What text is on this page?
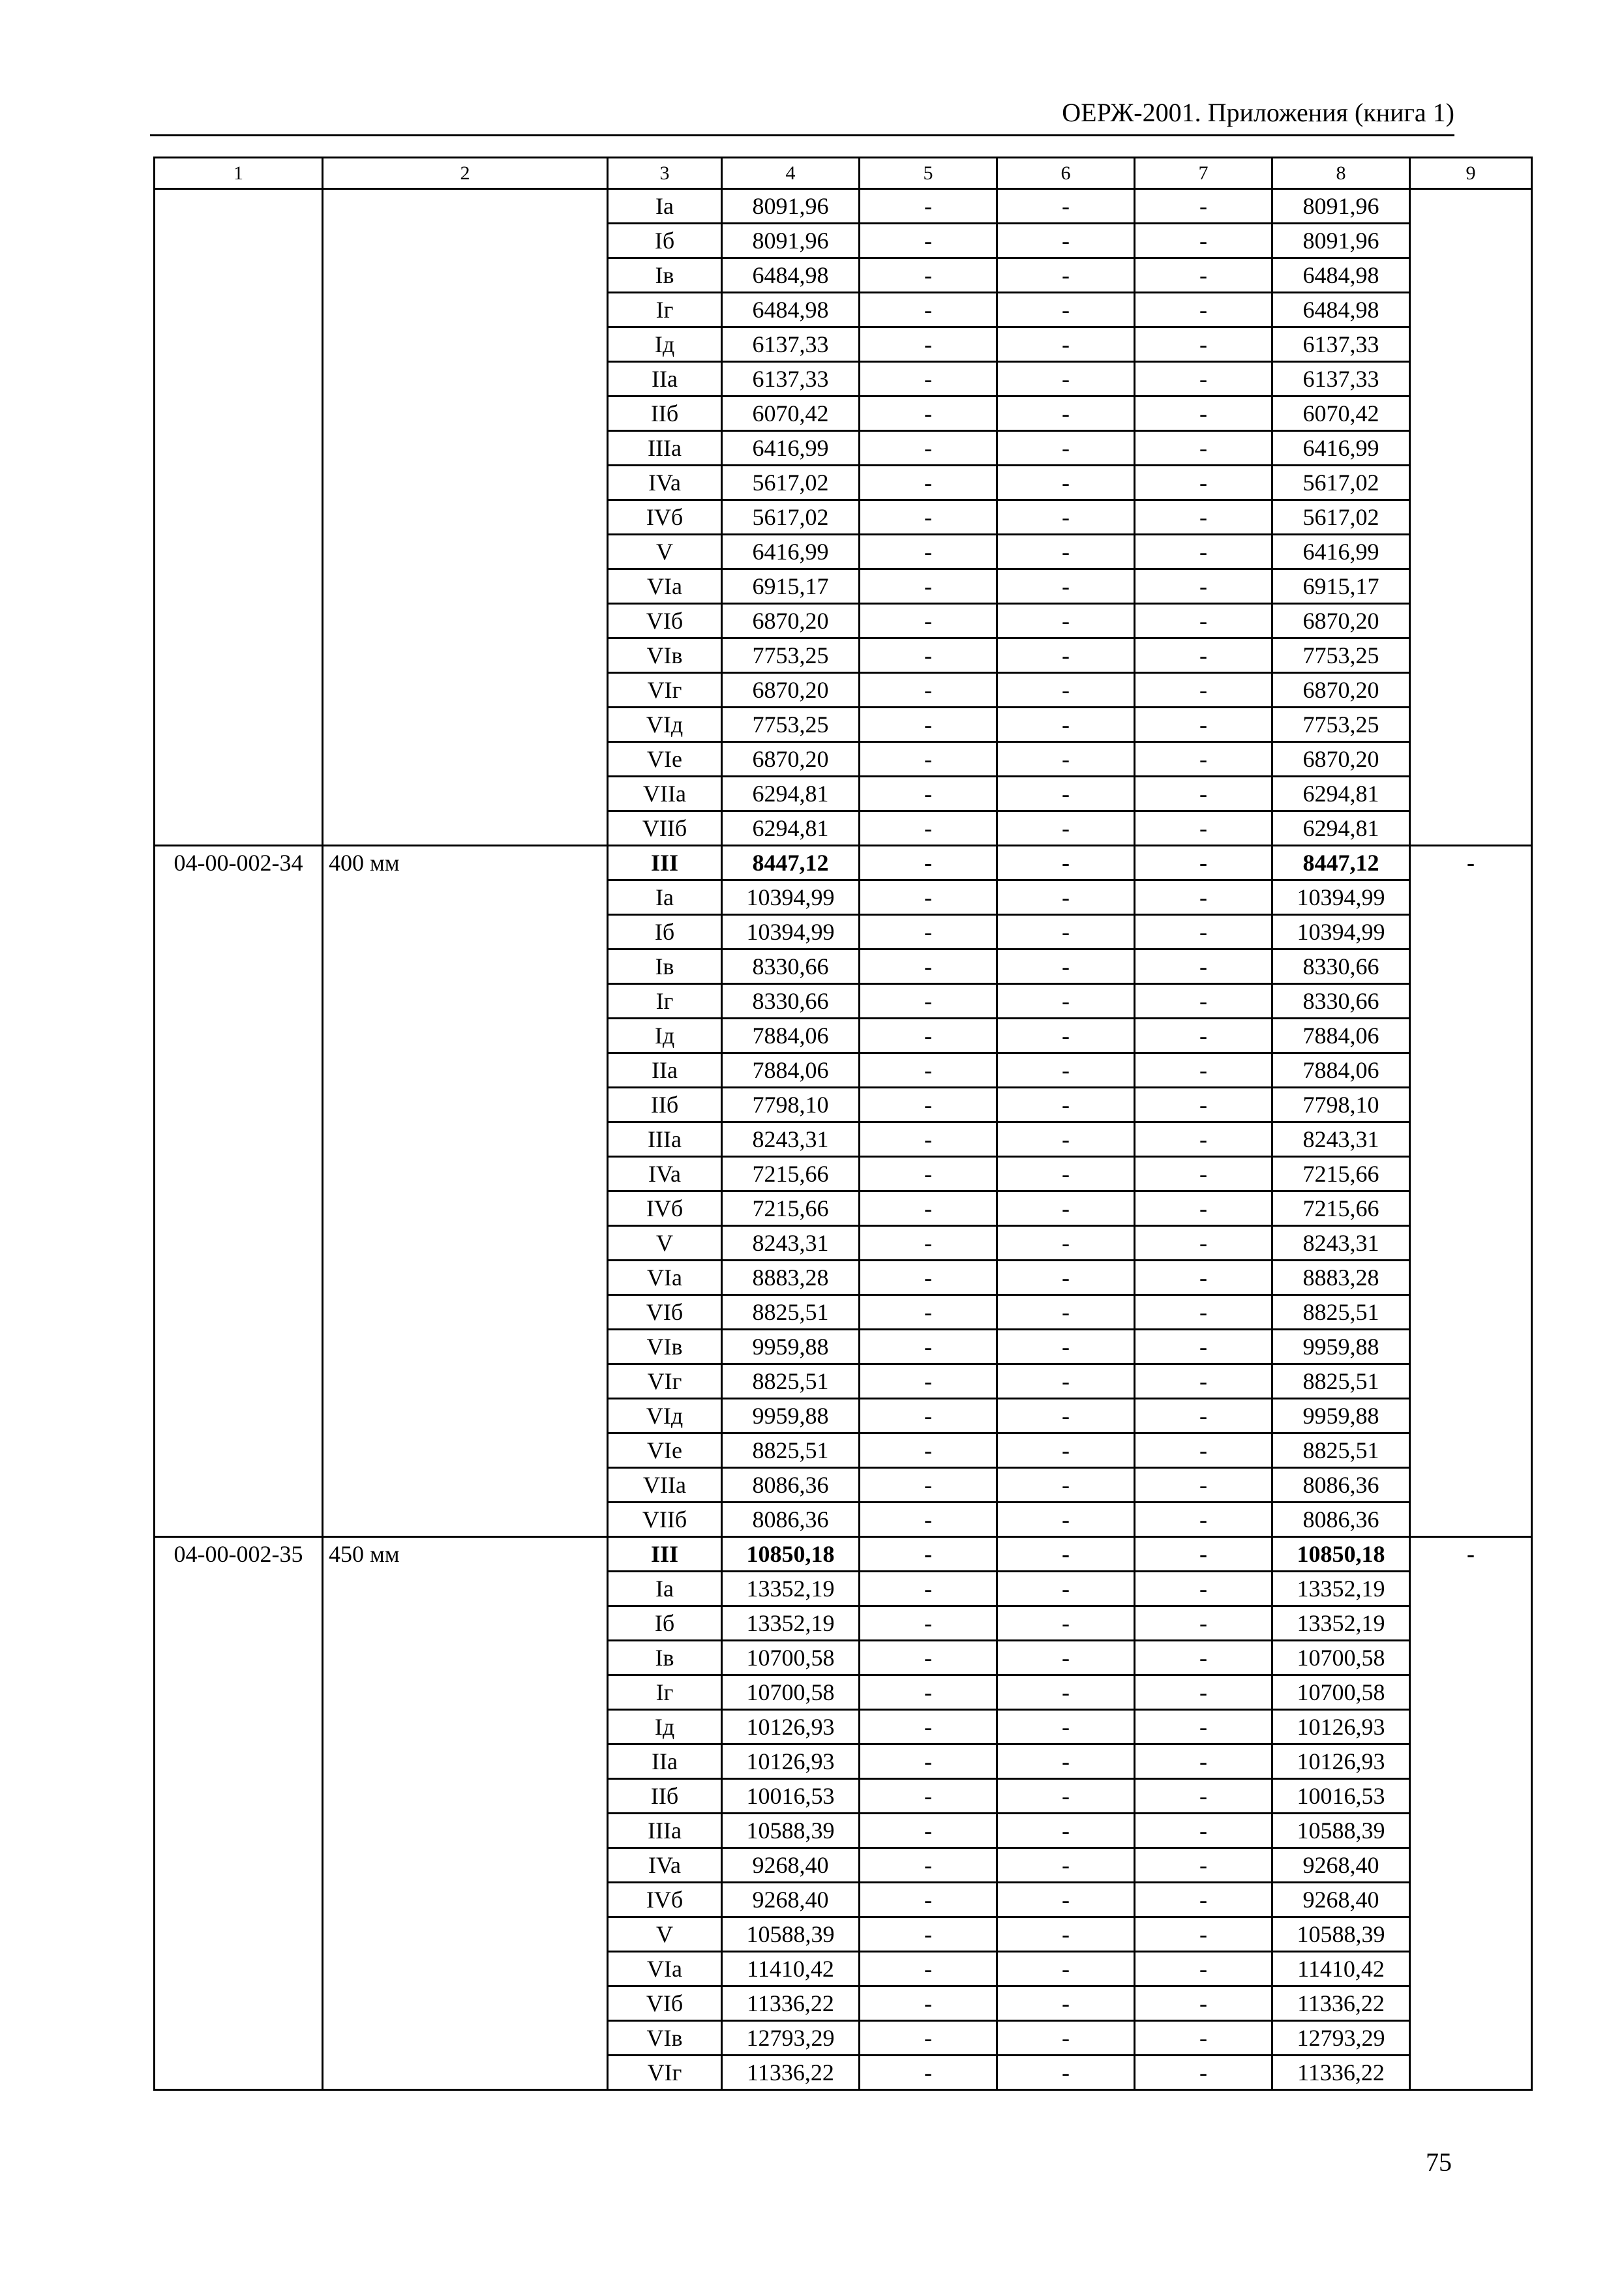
ОЕРЖ-2001. Приложения (книга 1)
1	2	3	4	5	6	7	8	9
		Ia	8091,96	-	-	-	8091,96	
		Iб	8091,96	-	-	-	8091,96	
		Iв	6484,98	-	-	-	6484,98	
		Iг	6484,98	-	-	-	6484,98	
		Iд	6137,33	-	-	-	6137,33	
		IIa	6137,33	-	-	-	6137,33	
		IIб	6070,42	-	-	-	6070,42	
		IIIa	6416,99	-	-	-	6416,99	
		IVa	5617,02	-	-	-	5617,02	
		IVб	5617,02	-	-	-	5617,02	
		V	6416,99	-	-	-	6416,99	
		VIa	6915,17	-	-	-	6915,17	
		VIб	6870,20	-	-	-	6870,20	
		VIв	7753,25	-	-	-	7753,25	
		VIг	6870,20	-	-	-	6870,20	
		VIд	7753,25	-	-	-	7753,25	
		VIe	6870,20	-	-	-	6870,20	
		VIIa	6294,81	-	-	-	6294,81	
		VIIб	6294,81	-	-	-	6294,81	
04-00-002-34	400 мм	III	8447,12	-	-	-	8447,12	-
		Ia	10394,99	-	-	-	10394,99	
		Iб	10394,99	-	-	-	10394,99	
		Iв	8330,66	-	-	-	8330,66	
		Iг	8330,66	-	-	-	8330,66	
		Iд	7884,06	-	-	-	7884,06	
		IIa	7884,06	-	-	-	7884,06	
		IIб	7798,10	-	-	-	7798,10	
		IIIa	8243,31	-	-	-	8243,31	
		IVa	7215,66	-	-	-	7215,66	
		IVб	7215,66	-	-	-	7215,66	
		V	8243,31	-	-	-	8243,31	
		VIa	8883,28	-	-	-	8883,28	
		VIб	8825,51	-	-	-	8825,51	
		VIв	9959,88	-	-	-	9959,88	
		VIг	8825,51	-	-	-	8825,51	
		VIд	9959,88	-	-	-	9959,88	
		VIe	8825,51	-	-	-	8825,51	
		VIIa	8086,36	-	-	-	8086,36	
		VIIб	8086,36	-	-	-	8086,36	
04-00-002-35	450 мм	III	10850,18	-	-	-	10850,18	-
		Ia	13352,19	-	-	-	13352,19	
		Iб	13352,19	-	-	-	13352,19	
		Iв	10700,58	-	-	-	10700,58	
		Iг	10700,58	-	-	-	10700,58	
		Iд	10126,93	-	-	-	10126,93	
		IIa	10126,93	-	-	-	10126,93	
		IIб	10016,53	-	-	-	10016,53	
		IIIa	10588,39	-	-	-	10588,39	
		IVa	9268,40	-	-	-	9268,40	
		IVб	9268,40	-	-	-	9268,40	
		V	10588,39	-	-	-	10588,39	
		VIa	11410,42	-	-	-	11410,42	
		VIб	11336,22	-	-	-	11336,22	
		VIв	12793,29	-	-	-	12793,29	
		VIг	11336,22	-	-	-	11336,22	
75
